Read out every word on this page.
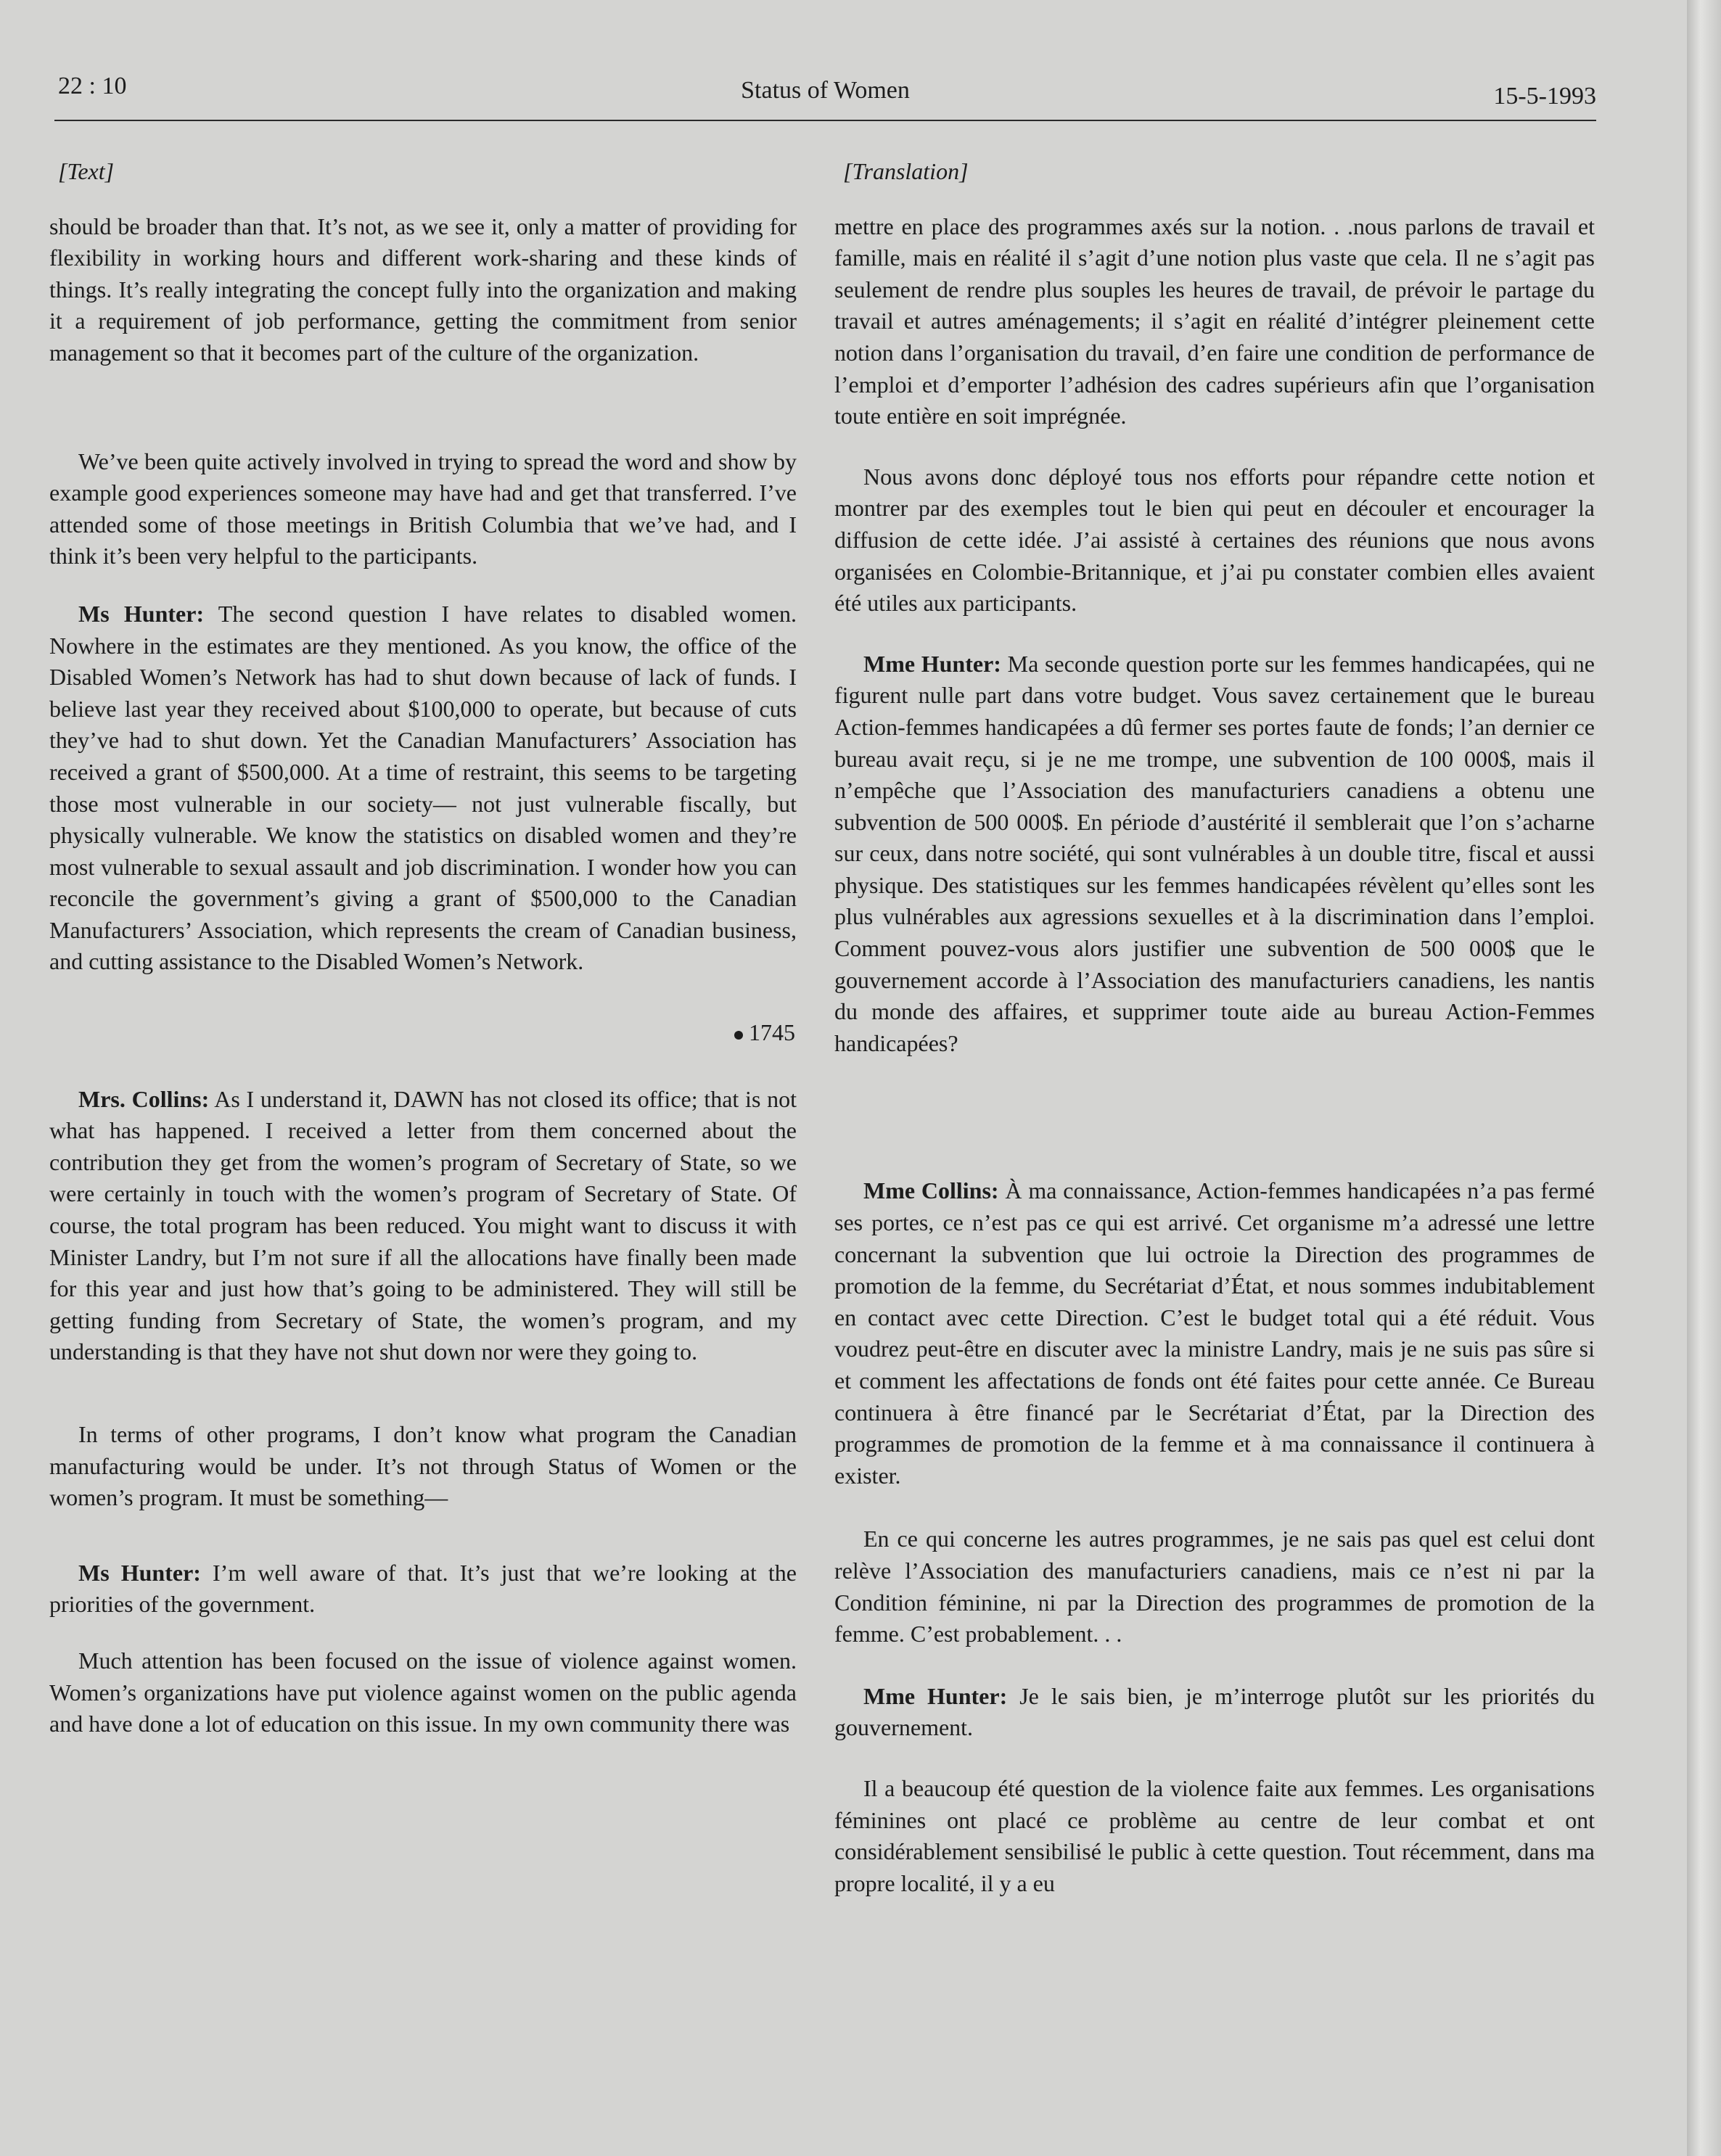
22 : 10	Status of Women	15-5-1993
[Text]

should be broader than that. It’s not, as we see it, only a matter of providing for flexibility in working hours and different work-sharing and these kinds of things. It’s really integrating the concept fully into the organization and making it a requirement of job performance, getting the commitment from senior management so that it becomes part of the culture of the organization.

We’ve been quite actively involved in trying to spread the word and show by example good experiences someone may have had and get that transferred. I’ve attended some of those meetings in British Columbia that we’ve had, and I think it’s been very helpful to the participants.

Ms Hunter: The second question I have relates to disabled women. Nowhere in the estimates are they mentioned. As you know, the office of the Disabled Women’s Network has had to shut down because of lack of funds. I believe last year they received about $100,000 to operate, but because of cuts they’ve had to shut down. Yet the Canadian Manufacturers’ Association has received a grant of $500,000. At a time of restraint, this seems to be targeting those most vulnerable in our society— not just vulnerable fiscally, but physically vulnerable. We know the statistics on disabled women and they’re most vulnerable to sexual assault and job discrimination. I wonder how you can reconcile the government’s giving a grant of $500,000 to the Canadian Manufacturers’ Association, which represents the cream of Canadian business, and cutting assistance to the Disabled Women’s Network.

1745

Mrs. Collins: As I understand it, DAWN has not closed its office; that is not what has happened. I received a letter from them concerned about the contribution they get from the women’s program of Secretary of State, so we were certainly in touch with the women’s program of Secretary of State. Of course, the total program has been reduced. You might want to discuss it with Minister Landry, but I’m not sure if all the allocations have finally been made for this year and just how that’s going to be administered. They will still be getting funding from Secretary of State, the women’s program, and my understanding is that they have not shut down nor were they going to.

In terms of other programs, I don’t know what program the Canadian manufacturing would be under. It’s not through Status of Women or the women’s program. It must be something—

Ms Hunter: I’m well aware of that. It’s just that we’re looking at the priorities of the government.

Much attention has been focused on the issue of violence against women. Women’s organizations have put violence against women on the public agenda and have done a lot of education on this issue. In my own community there was

[Translation]

mettre en place des programmes axés sur la notion. . .nous parlons de travail et famille, mais en réalité il s’agit d’une notion plus vaste que cela. Il ne s’agit pas seulement de rendre plus souples les heures de travail, de prévoir le partage du travail et autres aménagements; il s’agit en réalité d’intégrer pleinement cette notion dans l’organisation du travail, d’en faire une condition de performance de l’emploi et d’emporter l’adhésion des cadres supérieurs afin que l’organisation toute entière en soit imprégnée.

Nous avons donc déployé tous nos efforts pour répandre cette notion et montrer par des exemples tout le bien qui peut en découler et encourager la diffusion de cette idée. J’ai assisté à certaines des réunions que nous avons organisées en Colombie-Britannique, et j’ai pu constater combien elles avaient été utiles aux participants.

Mme Hunter: Ma seconde question porte sur les femmes handicapées, qui ne figurent nulle part dans votre budget. Vous savez certainement que le bureau Action-femmes handicapées a dû fermer ses portes faute de fonds; l’an dernier ce bureau avait reçu, si je ne me trompe, une subvention de 100 000$, mais il n’empêche que l’Association des manufacturiers canadiens a obtenu une subvention de 500 000$. En période d’austérité il semblerait que l’on s’acharne sur ceux, dans notre société, qui sont vulnérables à un double titre, fiscal et aussi physique. Des statistiques sur les femmes handicapées révèlent qu’elles sont les plus vulnérables aux agressions sexuelles et à la discrimination dans l’emploi. Comment pouvez-vous alors justifier une subvention de 500 000$ que le gouvernement accorde à l’Association des manufacturiers canadiens, les nantis du monde des affaires, et supprimer toute aide au bureau Action-Femmes handicapées?

Mme Collins: À ma connaissance, Action-femmes handicapées n’a pas fermé ses portes, ce n’est pas ce qui est arrivé. Cet organisme m’a adressé une lettre concernant la subvention que lui octroie la Direction des programmes de promotion de la femme, du Secrétariat d’État, et nous sommes indubitablement en contact avec cette Direction. C’est le budget total qui a été réduit. Vous voudrez peut-être en discuter avec la ministre Landry, mais je ne suis pas sûre si et comment les affectations de fonds ont été faites pour cette année. Ce Bureau continuera à être financé par le Secrétariat d’État, par la Direction des programmes de promotion de la femme et à ma connaissance il continuera à exister.

En ce qui concerne les autres programmes, je ne sais pas quel est celui dont relève l’Association des manufacturiers canadiens, mais ce n’est ni par la Condition féminine, ni par la Direction des programmes de promotion de la femme. C’est probablement. . .

Mme Hunter: Je le sais bien, je m’interroge plutôt sur les priorités du gouvernement.

Il a beaucoup été question de la violence faite aux femmes. Les organisations féminines ont placé ce problème au centre de leur combat et ont considérablement sensibilisé le public à cette question. Tout récemment, dans ma propre localité, il y a eu
